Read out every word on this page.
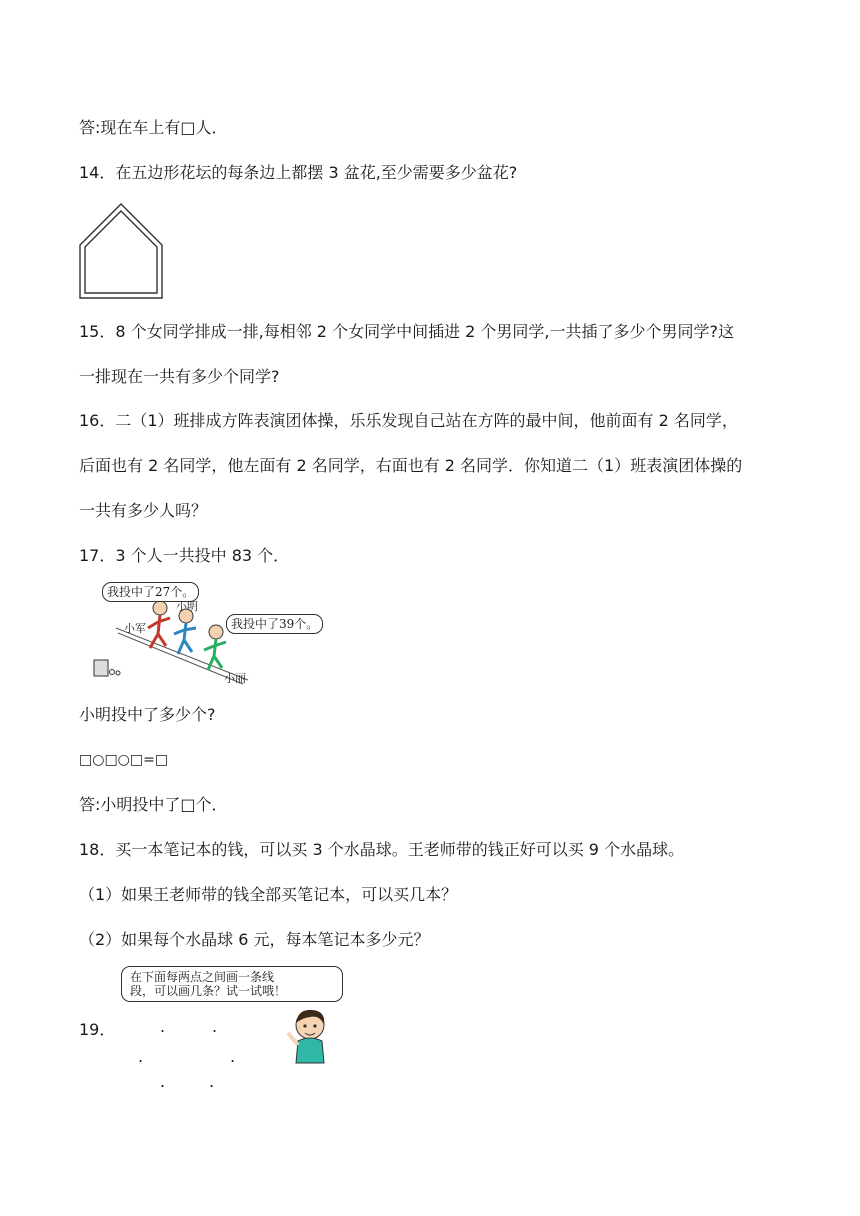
答:现在车上有□人．
14．在五边形花坛的每条边上都摆 3 盆花,至少需要多少盆花?
15．8 个女同学排成一排,每相邻 2 个女同学中间插进 2 个男同学,一共插了多少个男同学?这
一排现在一共有多少个同学?
16．二（1）班排成方阵表演团体操，乐乐发现自己站在方阵的最中间，他前面有 2 名同学，
后面也有 2 名同学，他左面有 2 名同学，右面也有 2 名同学．你知道二（1）班表演团体操的
一共有多少人吗？
17．3 个人一共投中 83 个．
我投中了27个。
我投中了39个。
小明
小军
小丽
小明投中了多少个?
□○□○□=□
答:小明投中了□个．
18．买一本笔记本的钱，可以买 3 个水晶球。王老师带的钱正好可以买 9 个水晶球。
（1）如果王老师带的钱全部买笔记本，可以买几本？
（2）如果每个水晶球 6 元，每本笔记本多少元？
在下面每两点之间画一条线
段，可以画几条？试一试哦！
19．	.	.
.	.
.	.
